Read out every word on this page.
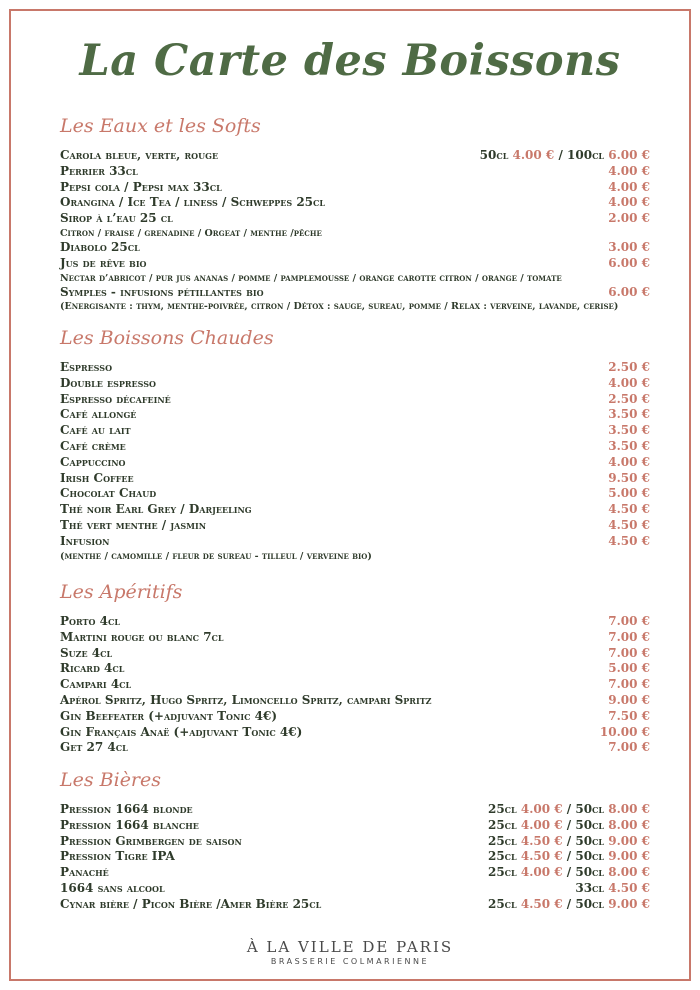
La Carte des Boissons
Les Eaux et les Softs
Carola bleue, verte, rouge	50cl 4.00 € / 100cl 6.00 €
Perrier 33cl	4.00 €
Pepsi cola / Pepsi max 33cl	4.00 €
Orangina / Ice Tea / liness / Schweppes 25cl	4.00 €
Sirop à l’eau 25 cl	2.00 €
Citron / fraise / grenadine / Orgeat / menthe /pêche
Diabolo 25cl	3.00 €
Jus de rêve bio	6.00 €
Nectar d’abricot / pur jus ananas / pomme / pamplemousse / orange carotte citron / orange / tomate
Symples - infusions pétillantes bio	6.00 €
(Energisante : thym, menthe-poivrée, citron / Détox : sauge, sureau, pomme / Relax : verveine, lavande, cerise)
Les Boissons Chaudes
Espresso	2.50 €
Double espresso	4.00 €
Espresso décafeiné	2.50 €
Café allongé	3.50 €
Café au lait	3.50 €
Café crème	3.50 €
Cappuccino	4.00 €
Irish Coffee	9.50 €
Chocolat Chaud	5.00 €
Thé noir Earl Grey / Darjeeling	4.50 €
Thé vert menthe / jasmin	4.50 €
Infusion	4.50 €
(menthe / camomille / fleur de sureau - tilleul / verveine bio)
Les Apéritifs
Porto 4cl	7.00 €
Martini rouge ou blanc 7cl	7.00 €
Suze 4cl	7.00 €
Ricard 4cl	5.00 €
Campari 4cl	7.00 €
Apérol Spritz, Hugo Spritz, Limoncello Spritz, campari Spritz	9.00 €
Gin Beefeater (+adjuvant Tonic 4€)	7.50 €
Gin Français Anaë (+adjuvant Tonic 4€)	10.00 €
Get 27 4cl	7.00 €
Les Bières
Pression 1664 blonde	25cl 4.00 € / 50cl 8.00 €
Pression 1664 blanche	25cl 4.00 € / 50cl 8.00 €
Pression Grimbergen de saison	25cl 4.50 € / 50cl 9.00 €
Pression Tigre IPA	25cl 4.50 € / 50cl 9.00 €
Panaché	25cl 4.00 € / 50cl 8.00 €
1664 sans alcool	33cl 4.50 €
Cynar bière / Picon Bière /Amer Bière 25cl	25cl 4.50 € / 50cl 9.00 €
À LA VILLE DE PARIS
BRASSERIE COLMARIENNE
